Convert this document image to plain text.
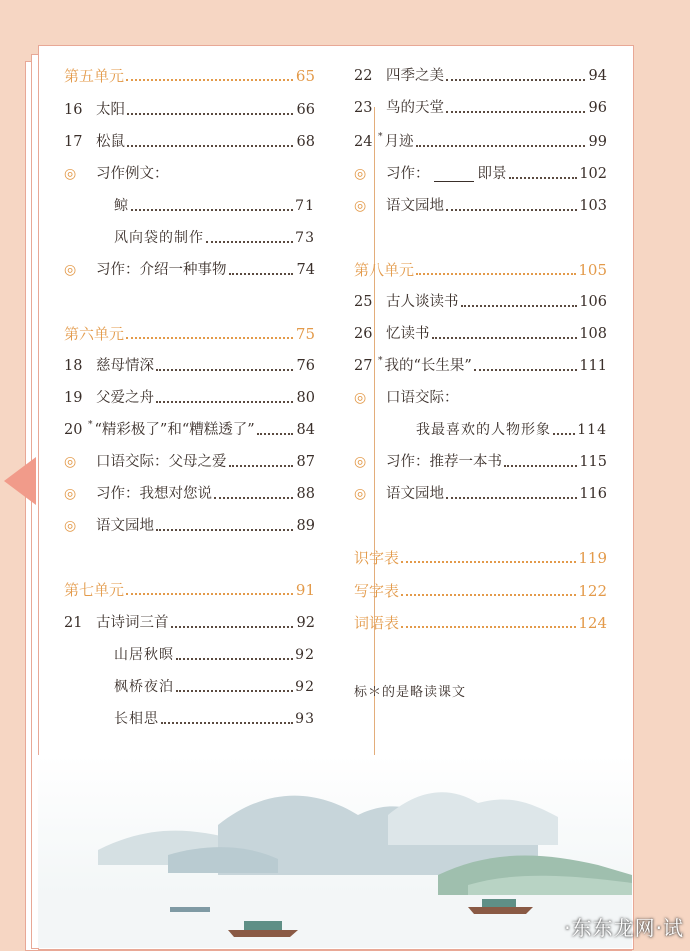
第五单元	65
16 太阳	66
17 松鼠	68
◎	习作例文：
鲸	71
风向袋的制作	73
◎	习作：介绍一种事物	74
第六单元	75
18 慈母情深	76
19 父爱之舟	80
20 * “精彩极了”和“糟糕透了”	84
◎	口语交际：父母之爱	87
◎	习作：我想对您说	88
◎	语文园地	89
第七单元	91
21 古诗词三首	92
山居秋暝	92
枫桥夜泊	92
长相思	93
22 四季之美	94
23 鸟的天堂	96
24 * 月迹	99
◎	习作：	即景	102
◎	语文园地	103
第八单元	105
25 古人谈读书	106
26 忆读书	108
27 * 我的“长生果”	111
◎	口语交际：
我最喜欢的人物形象 114
◎	习作：推荐一本书	115
◎	语文园地	116
识字表	119
写字表	122
词语表	124
标＊的是略读课文
·东东龙网·试
